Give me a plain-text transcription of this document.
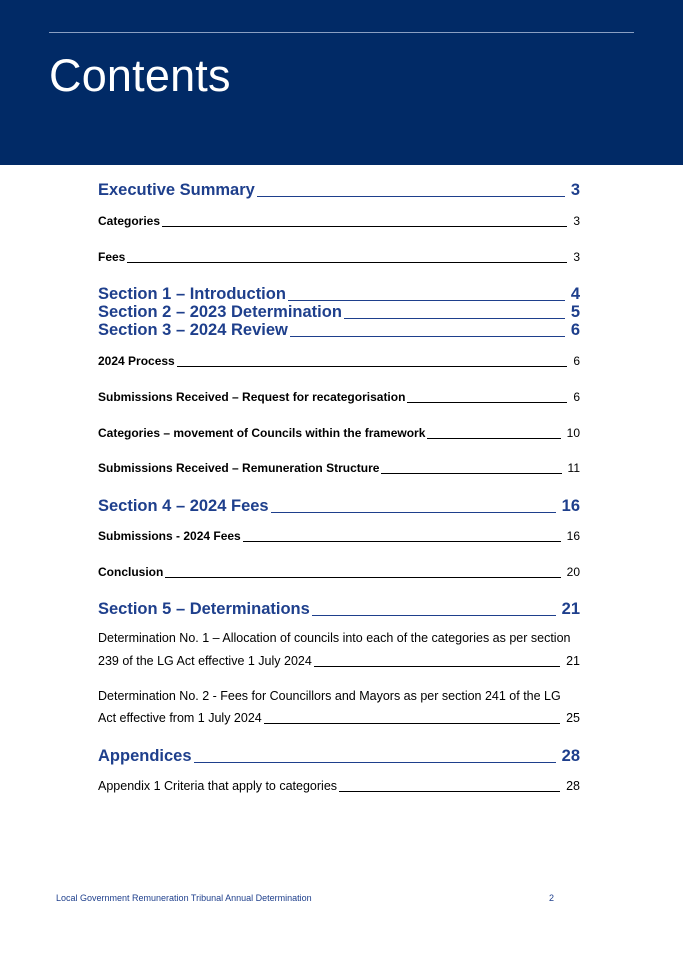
Contents
Executive Summary	3
Categories	3
Fees	3
Section 1 – Introduction	4
Section 2 – 2023 Determination	5
Section 3 – 2024 Review	6
2024 Process	6
Submissions Received – Request for recategorisation	6
Categories – movement of Councils within the framework	10
Submissions Received – Remuneration Structure	11
Section 4 – 2024 Fees	16
Submissions - 2024 Fees	16
Conclusion	20
Section 5 – Determinations	21
Determination No. 1 – Allocation of councils into each of the categories as per section
239 of the LG Act effective 1 July 2024	21
Determination No. 2 - Fees for Councillors and Mayors as per section 241 of the LG
Act effective from 1 July 2024	25
Appendices	28
Appendix 1 Criteria that apply to categories	28
Local Government Remuneration Tribunal Annual Determination	2
